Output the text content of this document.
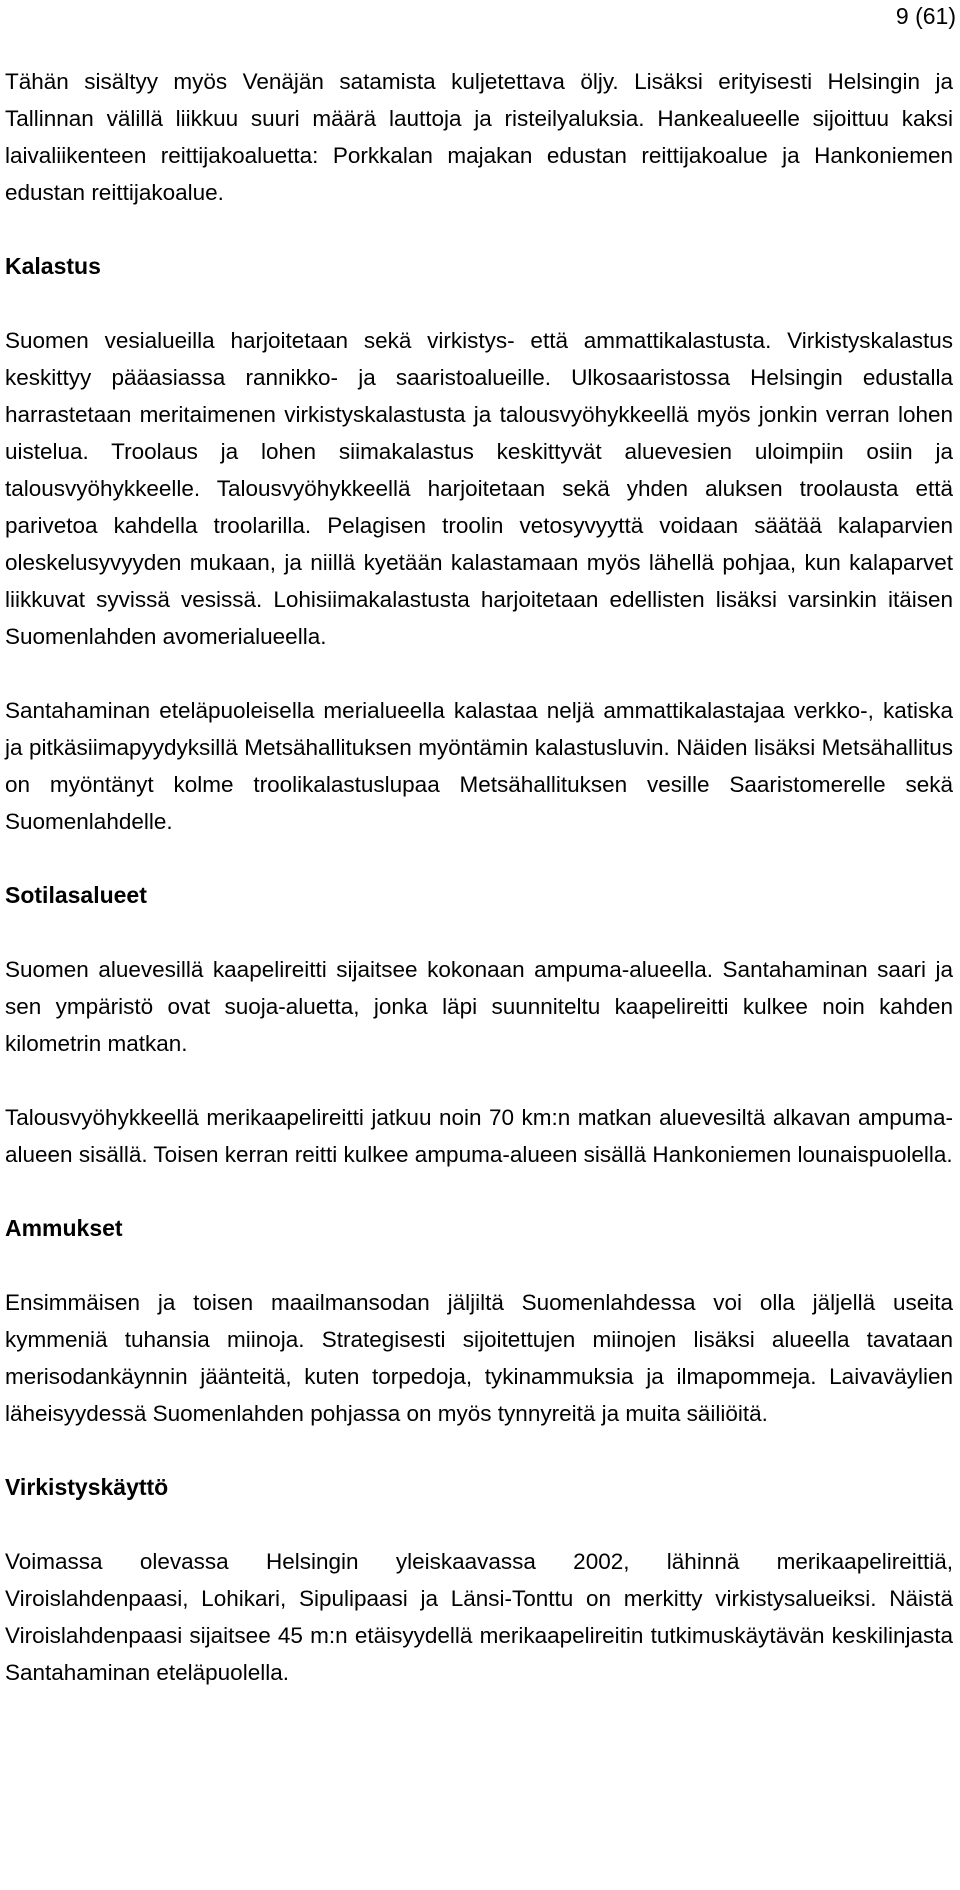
9 (61)

Tähän sisältyy myös Venäjän satamista kuljetettava öljy. Lisäksi erityisesti Helsingin ja Tallinnan välillä liikkuu suuri määrä lauttoja ja risteilyaluksia. Hankealueelle sijoittuu kaksi laivaliikenteen reittijakoaluetta: Porkkalan majakan edustan reittijakoalue ja Hankoniemen edustan reittijakoalue.

Kalastus

Suomen vesialueilla harjoitetaan sekä virkistys- että ammattikalastusta. Virkistyskalastus keskittyy pääasiassa rannikko- ja saaristoalueille. Ulkosaaristossa Helsingin edustalla harrastetaan meritaimenen virkistyskalastusta ja talousvyöhykkeellä myös jonkin verran lohen uistelua. Troolaus ja lohen siimakalastus keskittyvät aluevesien uloimpiin osiin ja talousvyöhykkeelle. Talousvyöhykkeellä harjoitetaan sekä yhden aluksen troolausta että parivetoa kahdella troolarilla. Pelagisen troolin vetosyvyyttä voidaan säätää kalaparvien oleskelusyvyyden mukaan, ja niillä kyetään kalastamaan myös lähellä pohjaa, kun kalaparvet liikkuvat syvissä vesissä. Lohisiimakalastusta harjoitetaan edellisten lisäksi varsinkin itäisen Suomenlahden avomerialueella.

Santahaminan eteläpuoleisella merialueella kalastaa neljä ammattikalastajaa verkko-, katiska ja pitkäsiimapyydyksillä Metsähallituksen myöntämin kalastusluvin. Näiden lisäksi Metsähallitus on myöntänyt kolme troolikalastuslupaa Metsähallituksen vesille Saaristomerelle sekä Suomenlahdelle.

Sotilasalueet

Suomen aluevesillä kaapelireitti sijaitsee kokonaan ampuma-alueella. Santahaminan saari ja sen ympäristö ovat suoja-aluetta, jonka läpi suunniteltu kaapelireitti kulkee noin kahden kilometrin matkan.

Talousvyöhykkeellä merikaapelireitti jatkuu noin 70 km:n matkan aluevesiltä alkavan ampuma-alueen sisällä. Toisen kerran reitti kulkee ampuma-alueen sisällä Hankoniemen lounaispuolella.

Ammukset

Ensimmäisen ja toisen maailmansodan jäljiltä Suomenlahdessa voi olla jäljellä useita kymmeniä tuhansia miinoja. Strategisesti sijoitettujen miinojen lisäksi alueella tavataan merisodankäynnin jäänteitä, kuten torpedoja, tykinammuksia ja ilmapommeja. Laivaväylien läheisyydessä Suomenlahden pohjassa on myös tynnyreitä ja muita säiliöitä.

Virkistyskäyttö

Voimassa olevassa Helsingin yleiskaavassa 2002, lähinnä merikaapelireittiä, Viroislahdenpaasi, Lohikari, Sipulipaasi ja Länsi-Tonttu on merkitty virkistysalueiksi. Näistä Viroislahdenpaasi sijaitsee 45 m:n etäisyydellä merikaapelireitin tutkimuskäytävän keskilinjasta Santahaminan eteläpuolella.
